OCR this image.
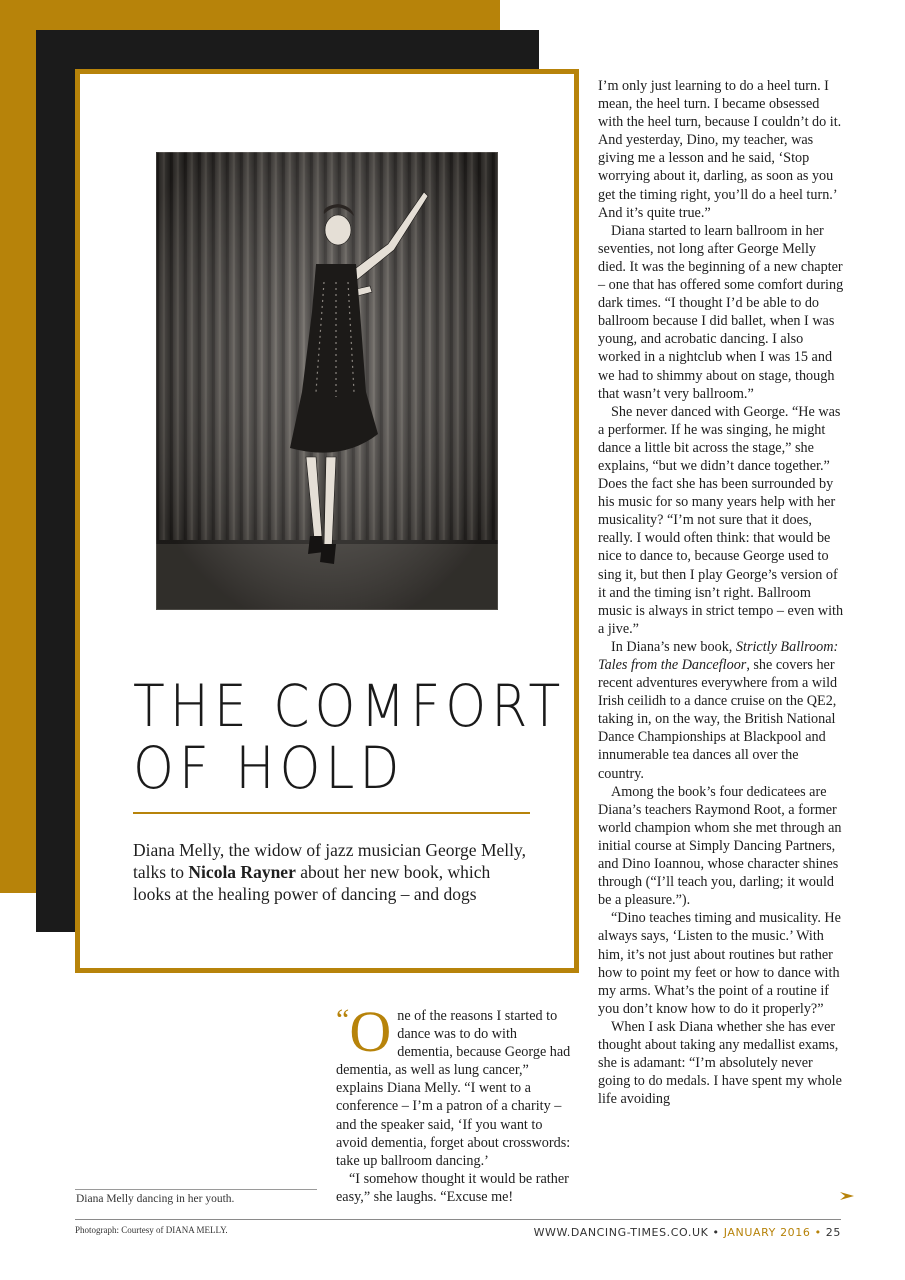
THE COMFORT
OF HOLD

Diana Melly, the widow of jazz musician George Melly, talks to Nicola Rayner about her new book, which looks at the healing power of dancing – and dogs

“O ne of the reasons I started to dance was to do with dementia, because George had dementia, as well as lung cancer,” explains Diana Melly. “I went to a conference – I’m a patron of a charity – and the speaker said, ‘If you want to avoid dementia, forget about crosswords: take up ballroom dancing.’

“I somehow thought it would be rather easy,” she laughs. “Excuse me!

I’m only just learning to do a heel turn. I mean, the heel turn. I became obsessed with the heel turn, because I couldn’t do it. And yesterday, Dino, my teacher, was giving me a lesson and he said, ‘Stop worrying about it, darling, as soon as you get the timing right, you’ll do a heel turn.’ And it’s quite true.”

Diana started to learn ballroom in her seventies, not long after George Melly died. It was the beginning of a new chapter – one that has offered some comfort during dark times. “I thought I’d be able to do ballroom because I did ballet, when I was young, and acrobatic dancing. I also worked in a nightclub when I was 15 and we had to shimmy about on stage, though that wasn’t very ballroom.”

She never danced with George. “He was a performer. If he was singing, he might dance a little bit across the stage,” she explains, “but we didn’t dance together.” Does the fact she has been surrounded by his music for so many years help with her musicality? “I’m not sure that it does, really. I would often think: that would be nice to dance to, because George used to sing it, but then I play George’s version of it and the timing isn’t right. Ballroom music is always in strict tempo – even with a jive.”

In Diana’s new book, Strictly Ballroom: Tales from the Dancefloor, she covers her recent adventures everywhere from a wild Irish ceilidh to a dance cruise on the QE2, taking in, on the way, the British National Dance Championships at Blackpool and innumerable tea dances all over the country.

Among the book’s four dedicatees are Diana’s teachers Raymond Root, a former world champion whom she met through an initial course at Simply Dancing Partners, and Dino Ioannou, whose character shines through (“I’ll teach you, darling; it would be a pleasure.”).

“Dino teaches timing and musicality. He always says, ‘Listen to the music.’ With him, it’s not just about routines but rather how to point my feet or how to dance with my arms. What’s the point of a routine if you don’t know how to do it properly?”

When I ask Diana whether she has ever thought about taking any medallist exams, she is adamant: “I’m absolutely never going to do medals. I have spent my whole life avoiding

Diana Melly dancing in her youth.
Photograph: Courtesy of DIANA MELLY.	WWW.DANCING-TIMES.CO.UK • JANUARY 2016 • 25
